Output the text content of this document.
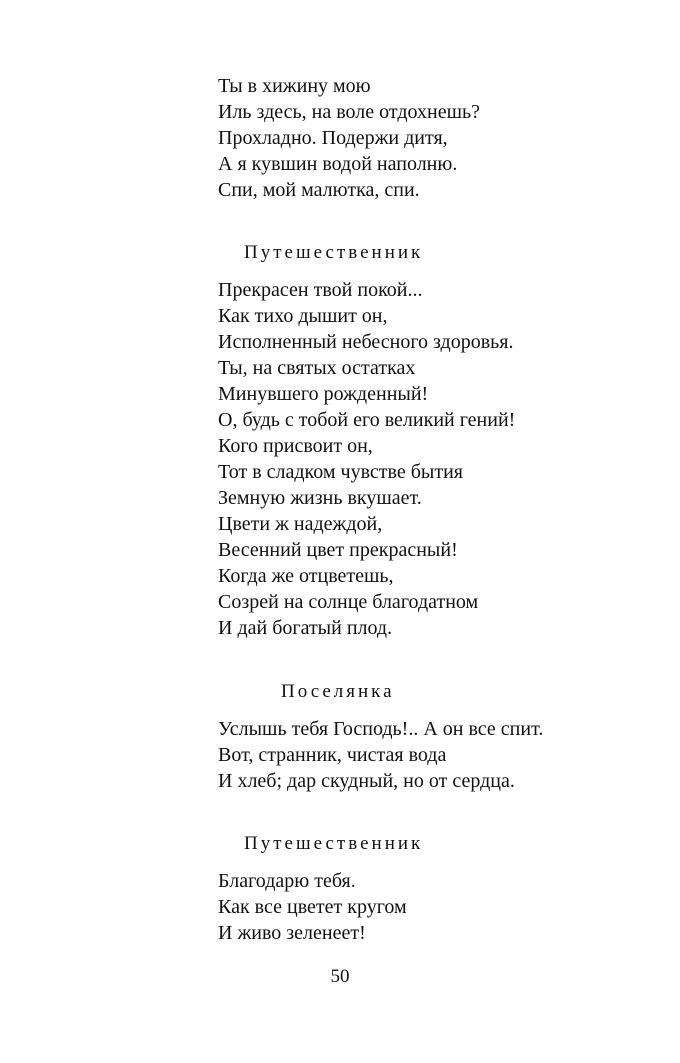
Ты в хижину мою
Иль здесь, на воле отдохнешь?
Прохладно. Подержи дитя,
А я кувшин водой наполню.
Спи, мой малютка, спи.
Путешественник
Прекрасен твой покой...
Как тихо дышит он,
Исполненный небесного здоровья.
Ты, на святых остатках
Минувшего рожденный!
О, будь с тобой его великий гений!
Кого присвоит он,
Тот в сладком чувстве бытия
Земную жизнь вкушает.
Цвети ж надеждой,
Весенний цвет прекрасный!
Когда же отцветешь,
Созрей на солнце благодатном
И дай богатый плод.
Поселянка
Услышь тебя Господь!.. А он все спит.
Вот, странник, чистая вода
И хлеб; дар скудный, но от сердца.
Путешественник
Благодарю тебя.
Как все цветет кругом
И живо зеленеет!
50
